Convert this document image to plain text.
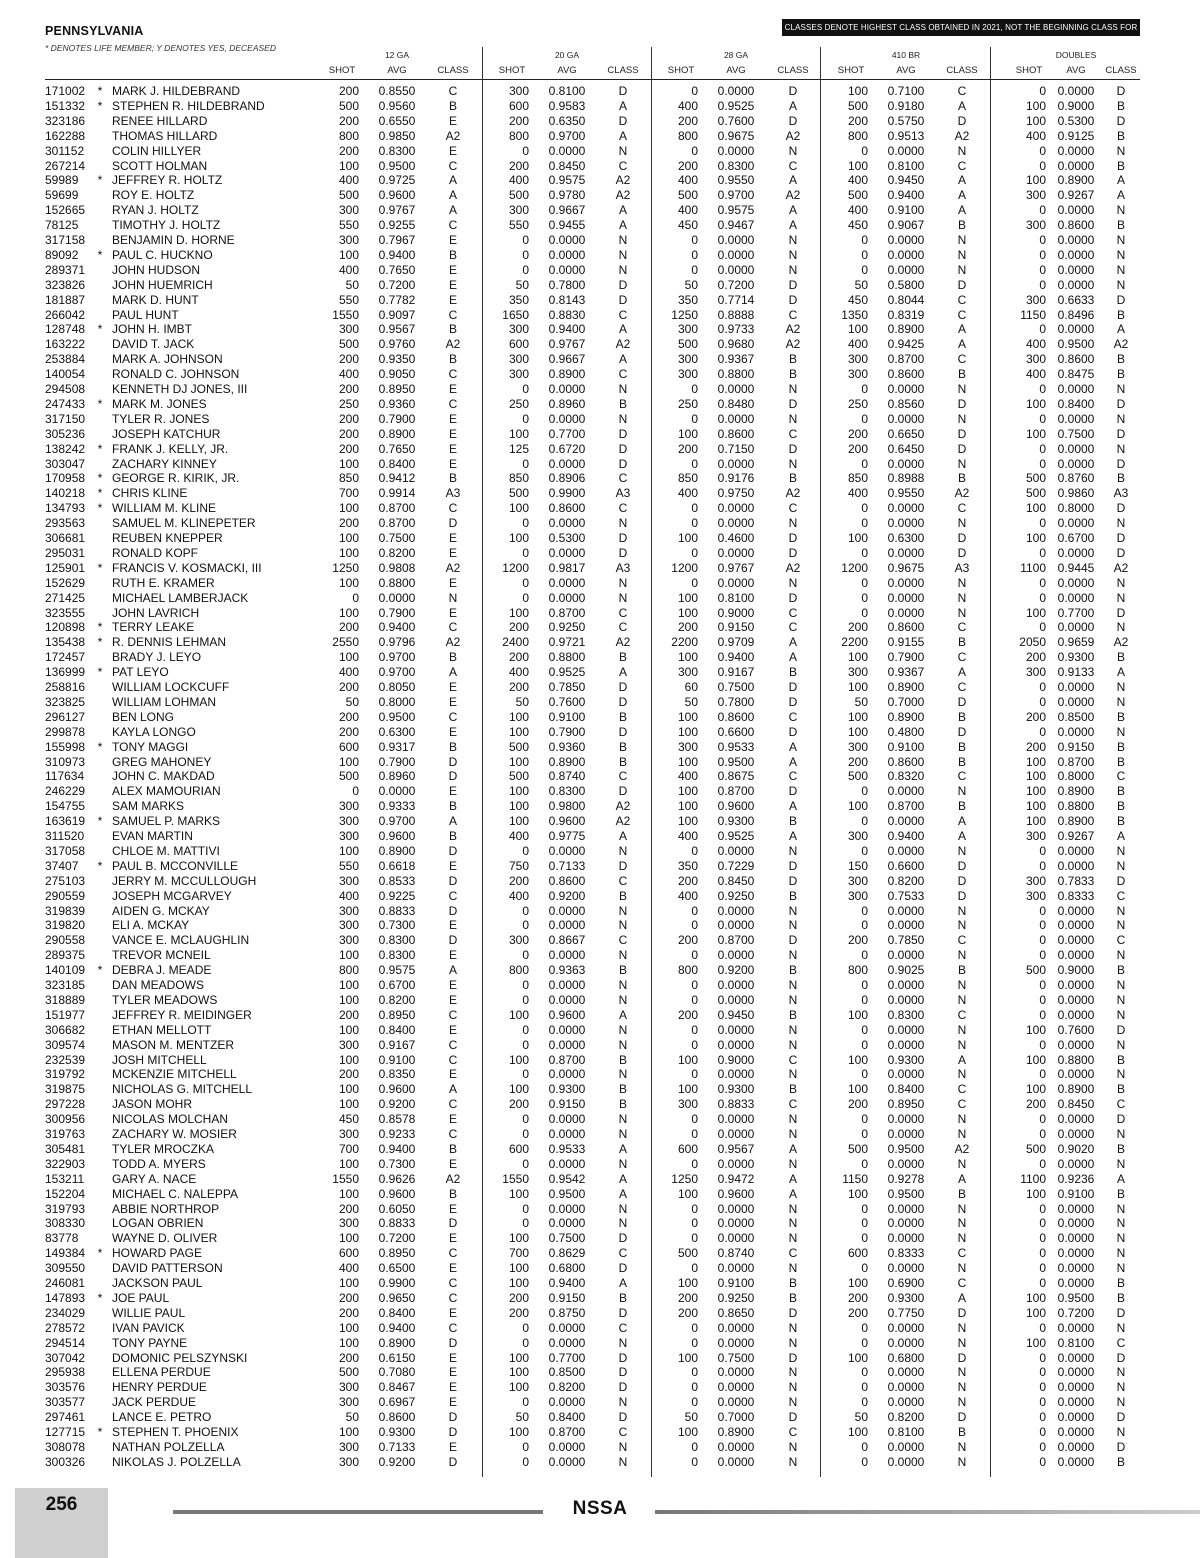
PENNSYLVANIA
* DENOTES LIFE MEMBER; Y DENOTES YES, DECEASED
CLASSES DENOTE HIGHEST CLASS OBTAINED IN 2021, NOT THE BEGINNING CLASS FOR 2022.
12 GA	20 GA	28 GA	410 BR	DOUBLES
SHOT	AVG	CLASS	SHOT	AVG	CLASS	SHOT	AVG	CLASS	SHOT	AVG	CLASS	SHOT	AVG CLASS
171002 * MARK J. HILDEBRAND	200 0.8550	C	300 0.8100	D	0 0.0000	D	100 0.7100	C	0 0.0000 D
151332 * STEPHEN R. HILDEBRAND	500 0.9560	B	600 0.9583	A	400 0.9525	A	500 0.9180	A	100 0.9000 B
323186 RENEE HILLARD	200 0.6550	E	200 0.6350	D	200 0.7600	D	200 0.5750	D	100 0.5300 D
162288 THOMAS HILLARD	800 0.9850	A2	800 0.9700	A	800 0.9675	A2	800 0.9513	A2	400 0.9125 B
301152 COLIN HILLYER	200 0.8300	E	0 0.0000	N	0 0.0000	N	0 0.0000	N	0 0.0000 N
267214 SCOTT HOLMAN	100 0.9500	C	200 0.8450	C	200 0.8300	C	100 0.8100	C	0 0.0000 B
59989 * JEFFREY R. HOLTZ	400 0.9725	A	400 0.9575	A2	400 0.9550	A	400 0.9450	A	100 0.8900 A
59699	ROY E. HOLTZ	500 0.9600	A	500 0.9780	A2	500 0.9700	A2	500 0.9400	A	300 0.9267 A
152665 RYAN J. HOLTZ	300 0.9767	A	300 0.9667	A	400 0.9575	A	400 0.9100	A	0 0.0000 N
78125	TIMOTHY J. HOLTZ	550 0.9255	C	550 0.9455	A	450 0.9467	A	450 0.9067	B	300 0.8600 B
317158 BENJAMIN D. HORNE	300 0.7967	E	0 0.0000	N	0 0.0000	N	0 0.0000	N	0 0.0000 N
89092 * PAUL C. HUCKNO	100 0.9400	B	0 0.0000	N	0 0.0000	N	0 0.0000	N	0 0.0000 N
289371 JOHN HUDSON	400 0.7650	E	0 0.0000	N	0 0.0000	N	0 0.0000	N	0 0.0000 N
323826 JOHN HUEMRICH	50 0.7200	E	50 0.7800	D	50 0.7200	D	50 0.5800	D	0 0.0000 N
181887 MARK D. HUNT	550 0.7782	E	350 0.8143	D	350 0.7714	D	450 0.8044	C	300 0.6633 D
266042 PAUL HUNT	1550 0.9097	C	1650 0.8830	C	1250 0.8888	C	1350 0.8319	C	1150 0.8496 B
128748 * JOHN H. IMBT	300 0.9567	B	300 0.9400	A	300 0.9733	A2	100 0.8900	A	0 0.0000 A
163222 DAVID T. JACK	500 0.9760	A2	600 0.9767	A2	500 0.9680	A2	400 0.9425	A	400 0.9500 A2
253884 MARK A. JOHNSON	200 0.9350	B	300 0.9667	A	300 0.9367	B	300 0.8700	C	300 0.8600 B
140054 RONALD C. JOHNSON	400 0.9050	C	300 0.8900	C	300 0.8800	B	300 0.8600	B	400 0.8475 B
294508 KENNETH DJ JONES, III	200 0.8950	E	0 0.0000	N	0 0.0000	N	0 0.0000	N	0 0.0000 N
247433 * MARK M. JONES	250 0.9360	C	250 0.8960	B	250 0.8480	D	250 0.8560	D	100 0.8400 D
317150 TYLER R. JONES	200 0.7900	E	0 0.0000	N	0 0.0000	N	0 0.0000	N	0 0.0000 N
305236 JOSEPH KATCHUR	200 0.8900	E	100 0.7700	D	100 0.8600	C	200 0.6650	D	100 0.7500 D
138242 * FRANK J. KELLY, JR.	200 0.7650	E	125 0.6720	D	200 0.7150	D	200 0.6450	D	0 0.0000 N
303047 ZACHARY KINNEY	100 0.8400	E	0 0.0000	D	0 0.0000	N	0 0.0000	N	0 0.0000 D
170958 * GEORGE R. KIRIK, JR.	850 0.9412	B	850 0.8906	C	850 0.9176	B	850 0.8988	B	500 0.8760 B
140218 * CHRIS KLINE	700 0.9914	A3	500 0.9900	A3	400 0.9750	A2	400 0.9550	A2	500 0.9860 A3
134793 * WILLIAM M. KLINE	100 0.8700	C	100 0.8600	C	0 0.0000	C	0 0.0000	C	100 0.8000 D
293563 SAMUEL M. KLINEPETER	200 0.8700	D	0 0.0000	N	0 0.0000	N	0 0.0000	N	0 0.0000 N
306681 REUBEN KNEPPER	100 0.7500	E	100 0.5300	D	100 0.4600	D	100 0.6300	D	100 0.6700 D
295031 RONALD KOPF	100 0.8200	E	0 0.0000	D	0 0.0000	D	0 0.0000	D	0 0.0000 D
125901 * FRANCIS V. KOSMACKI, III	1250 0.9808	A2	1200 0.9817	A3	1200 0.9767	A2	1200 0.9675	A3	1100 0.9445 A2
152629 RUTH E. KRAMER	100 0.8800	E	0 0.0000	N	0 0.0000	N	0 0.0000	N	0 0.0000 N
271425 MICHAEL LAMBERJACK	0 0.0000	N	0 0.0000	N	100 0.8100	D	0 0.0000	N	0 0.0000 N
323555 JOHN LAVRICH	100 0.7900	E	100 0.8700	C	100 0.9000	C	0 0.0000	N	100 0.7700 D
120898 * TERRY LEAKE	200 0.9400	C	200 0.9250	C	200 0.9150	C	200 0.8600	C	0 0.0000 N
135438 * R. DENNIS LEHMAN	2550 0.9796	A2	2400 0.9721	A2	2200 0.9709	A	2200 0.9155	B	2050 0.9659 A2
172457 BRADY J. LEYO	100 0.9700	B	200 0.8800	B	100 0.9400	A	100 0.7900	C	200 0.9300 B
136999 * PAT LEYO	400 0.9700	A	400 0.9525	A	300 0.9167	B	300 0.9367	A	300 0.9133 A
258816 WILLIAM LOCKCUFF	200 0.8050	E	200 0.7850	D	60 0.7500	D	100 0.8900	C	0 0.0000 N
323825 WILLIAM LOHMAN	50 0.8000	E	50 0.7600	D	50 0.7800	D	50 0.7000	D	0 0.0000 N
296127 BEN LONG	200 0.9500	C	100 0.9100	B	100 0.8600	C	100 0.8900	B	200 0.8500 B
299878 KAYLA LONGO	200 0.6300	E	100 0.7900	D	100 0.6600	D	100 0.4800	D	0 0.0000 N
155998 * TONY MAGGI	600 0.9317	B	500 0.9360	B	300 0.9533	A	300 0.9100	B	200 0.9150 B
310973 GREG MAHONEY	100 0.7900	D	100 0.8900	B	100 0.9500	A	200 0.8600	B	100 0.8700 B
117634 JOHN C. MAKDAD	500 0.8960	D	500 0.8740	C	400 0.8675	C	500 0.8320	C	100 0.8000 C
246229 ALEX MAMOURIAN	0 0.0000	E	100 0.8300	D	100 0.8700	D	0 0.0000	N	100 0.8900 B
154755 SAM MARKS	300 0.9333	B	100 0.9800	A2	100 0.9600	A	100 0.8700	B	100 0.8800 B
163619 * SAMUEL P. MARKS	300 0.9700	A	100 0.9600	A2	100 0.9300	B	0 0.0000	A	100 0.8900 B
311520 EVAN MARTIN	300 0.9600	B	400 0.9775	A	400 0.9525	A	300 0.9400	A	300 0.9267 A
317058 CHLOE M. MATTIVI	100 0.8900	D	0 0.0000	N	0 0.0000	N	0 0.0000	N	0 0.0000 N
37407 * PAUL B. MCCONVILLE	550 0.6618	E	750 0.7133	D	350 0.7229	D	150 0.6600	D	0 0.0000 N
275103 JERRY M. MCCULLOUGH	300 0.8533	D	200 0.8600	C	200 0.8450	D	300 0.8200	D	300 0.7833 D
290559 JOSEPH MCGARVEY	400 0.9225	C	400 0.9200	B	400 0.9250	B	300 0.7533	D	300 0.8333 C
319839 AIDEN G. MCKAY	300 0.8833	D	0 0.0000	N	0 0.0000	N	0 0.0000	N	0 0.0000 N
319820 ELI A. MCKAY	300 0.7300	E	0 0.0000	N	0 0.0000	N	0 0.0000	N	0 0.0000 N
290558 VANCE E. MCLAUGHLIN	300 0.8300	D	300 0.8667	C	200 0.8700	D	200 0.7850	C	0 0.0000 C
289375 TREVOR MCNEIL	100 0.8300	E	0 0.0000	N	0 0.0000	N	0 0.0000	N	0 0.0000 N
140109 * DEBRA J. MEADE	800 0.9575	A	800 0.9363	B	800 0.9200	B	800 0.9025	B	500 0.9000 B
323185 DAN MEADOWS	100 0.6700	E	0 0.0000	N	0 0.0000	N	0 0.0000	N	0 0.0000 N
318889 TYLER MEADOWS	100 0.8200	E	0 0.0000	N	0 0.0000	N	0 0.0000	N	0 0.0000 N
151977 JEFFREY R. MEIDINGER	200 0.8950	C	100 0.9600	A	200 0.9450	B	100 0.8300	C	0 0.0000 N
306682 ETHAN MELLOTT	100 0.8400	E	0 0.0000	N	0 0.0000	N	0 0.0000	N	100 0.7600 D
309574 MASON M. MENTZER	300 0.9167	C	0 0.0000	N	0 0.0000	N	0 0.0000	N	0 0.0000 N
232539 JOSH MITCHELL	100 0.9100	C	100 0.8700	B	100 0.9000	C	100 0.9300	A	100 0.8800 B
319792 MCKENZIE MITCHELL	200 0.8350	E	0 0.0000	N	0 0.0000	N	0 0.0000	N	0 0.0000 N
319875 NICHOLAS G. MITCHELL	100 0.9600	A	100 0.9300	B	100 0.9300	B	100 0.8400	C	100 0.8900 B
297228 JASON MOHR	100 0.9200	C	200 0.9150	B	300 0.8833	C	200 0.8950	C	200 0.8450 C
300956 NICOLAS MOLCHAN	450 0.8578	E	0 0.0000	N	0 0.0000	N	0 0.0000	N	0 0.0000 D
319763 ZACHARY W. MOSIER	300 0.9233	C	0 0.0000	N	0 0.0000	N	0 0.0000	N	0 0.0000 N
305481 TYLER MROCZKA	700 0.9400	B	600 0.9533	A	600 0.9567	A	500 0.9500	A2	500 0.9020 B
322903 TODD A. MYERS	100 0.7300	E	0 0.0000	N	0 0.0000	N	0 0.0000	N	0 0.0000 N
153211 GARY A. NACE	1550 0.9626	A2	1550 0.9542	A	1250 0.9472	A	1150 0.9278	A	1100 0.9236 A
152204 MICHAEL C. NALEPPA	100 0.9600	B	100 0.9500	A	100 0.9600	A	100 0.9500	B	100 0.9100 B
319793 ABBIE NORTHROP	200 0.6050	E	0 0.0000	N	0 0.0000	N	0 0.0000	N	0 0.0000 N
308330 LOGAN OBRIEN	300 0.8833	D	0 0.0000	N	0 0.0000	N	0 0.0000	N	0 0.0000 N
83778	WAYNE D. OLIVER	100 0.7200	E	100 0.7500	D	0 0.0000	N	0 0.0000	N	0 0.0000 N
149384 * HOWARD PAGE	600 0.8950	C	700 0.8629	C	500 0.8740	C	600 0.8333	C	0 0.0000 N
309550 DAVID PATTERSON	400 0.6500	E	100 0.6800	D	0 0.0000	N	0 0.0000	N	0 0.0000 N
246081 JACKSON PAUL	100 0.9900	C	100 0.9400	A	100 0.9100	B	100 0.6900	C	0 0.0000 B
147893 * JOE PAUL	200 0.9650	C	200 0.9150	B	200 0.9250	B	200 0.9300	A	100 0.9500 B
234029 WILLIE PAUL	200 0.8400	E	200 0.8750	D	200 0.8650	D	200 0.7750	D	100 0.7200 D
278572 IVAN PAVICK	100 0.9400	C	0 0.0000	C	0 0.0000	N	0 0.0000	N	0 0.0000 N
294514 TONY PAYNE	100 0.8900	D	0 0.0000	N	0 0.0000	N	0 0.0000	N	100 0.8100 C
307042 DOMONIC PELSZYNSKI	200 0.6150	E	100 0.7700	D	100 0.7500	D	100 0.6800	D	0 0.0000 D
295938 ELLENA PERDUE	500 0.7080	E	100 0.8500	D	0 0.0000	N	0 0.0000	N	0 0.0000 N
303576 HENRY PERDUE	300 0.8467	E	100 0.8200	D	0 0.0000	N	0 0.0000	N	0 0.0000 N
303577 JACK PERDUE	300 0.6967	E	0 0.0000	N	0 0.0000	N	0 0.0000	N	0 0.0000 N
297461 LANCE E. PETRO	50 0.8600	D	50 0.8400	D	50 0.7000	D	50 0.8200	D	0 0.0000 D
127715 * STEPHEN T. PHOENIX	100 0.9300	D	100 0.8700	C	100 0.8900	C	100 0.8100	B	0 0.0000 N
308078 NATHAN POLZELLA	300 0.7133	E	0 0.0000	N	0 0.0000	N	0 0.0000	N	0 0.0000 D
300326 NIKOLAS J. POLZELLA	300 0.9200	D	0 0.0000	N	0 0.0000	N	0 0.0000	N	0 0.0000 B
256	NSSA
